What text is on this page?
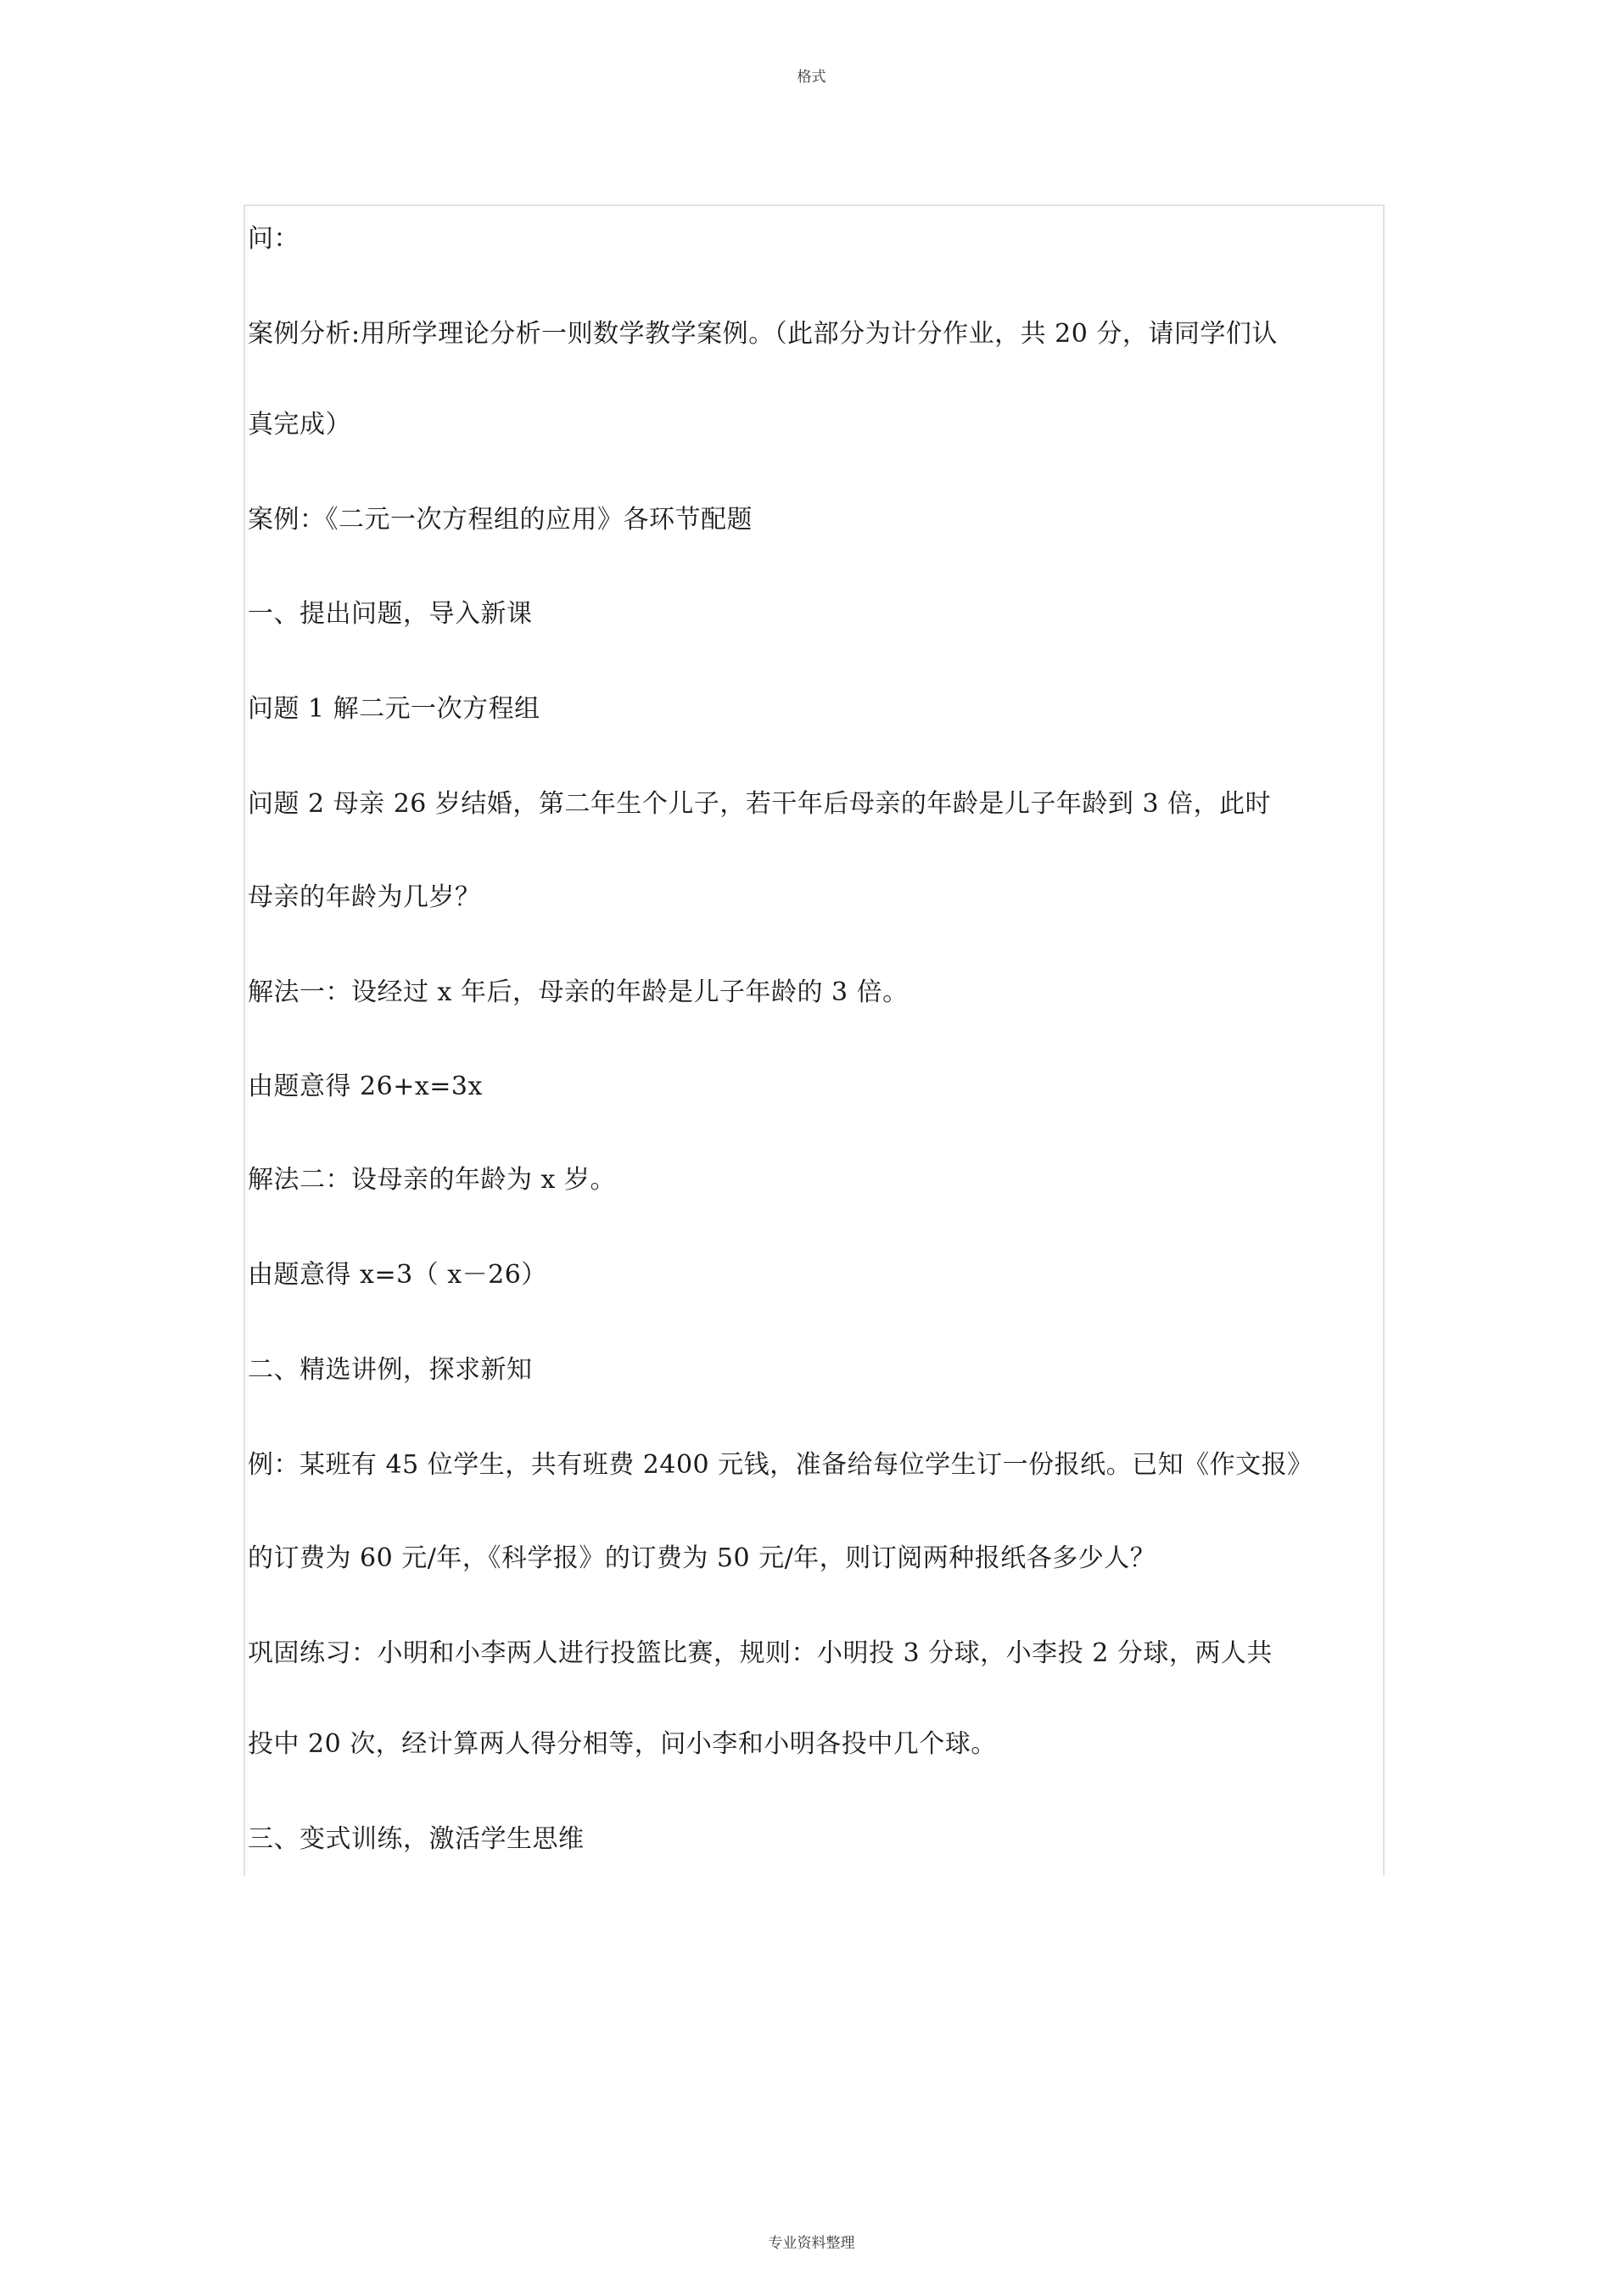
格式
问：
案例分析:用所学理论分析一则数学教学案例。（此部分为计分作业，共 20 分，请同学们认
真完成）
案例：《二元一次方程组的应用》各环节配题
一、提出问题，导入新课
问题 1 解二元一次方程组
问题 2 母亲 26 岁结婚，第二年生个儿子，若干年后母亲的年龄是儿子年龄到 3 倍，此时
母亲的年龄为几岁？
解法一：设经过 x 年后，母亲的年龄是儿子年龄的 3 倍。
由题意得 26+x=3x
解法二：设母亲的年龄为 x 岁。
由题意得 x=3（ x－26）
二、精选讲例，探求新知
例：某班有 45 位学生，共有班费 2400 元钱，准备给每位学生订一份报纸。已知《作文报》
的订费为 60 元/年，《科学报》的订费为 50 元/年，则订阅两种报纸各多少人？
巩固练习：小明和小李两人进行投篮比赛，规则：小明投 3 分球，小李投 2 分球，两人共
投中 20 次，经计算两人得分相等，问小李和小明各投中几个球。
三、变式训练，激活学生思维
专业资料整理
